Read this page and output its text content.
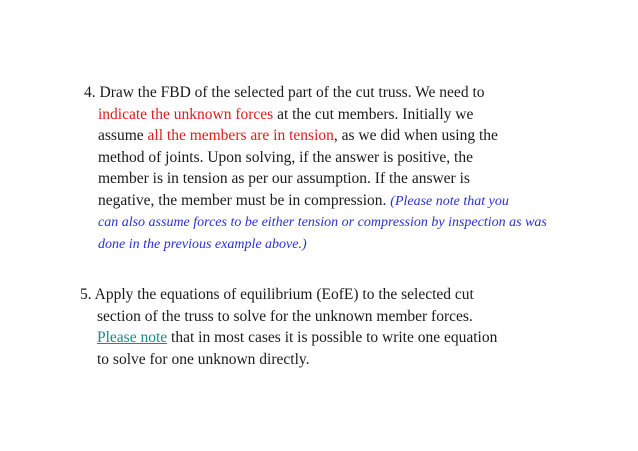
4. Draw the FBD of the selected part of the cut truss. We need to
indicate the unknown forces at the cut members. Initially we
assume all the members are in tension, as we did when using the
method of joints. Upon solving, if the answer is positive, the
member is in tension as per our assumption. If the answer is
negative, the member must be in compression. (Please note that you
can also assume forces to be either tension or compression by inspection as was
done in the previous example above.)
5. Apply the equations of equilibrium (EofE) to the selected cut
section of the truss to solve for the unknown member forces.
Please note that in most cases it is possible to write one equation
to solve for one unknown directly.
